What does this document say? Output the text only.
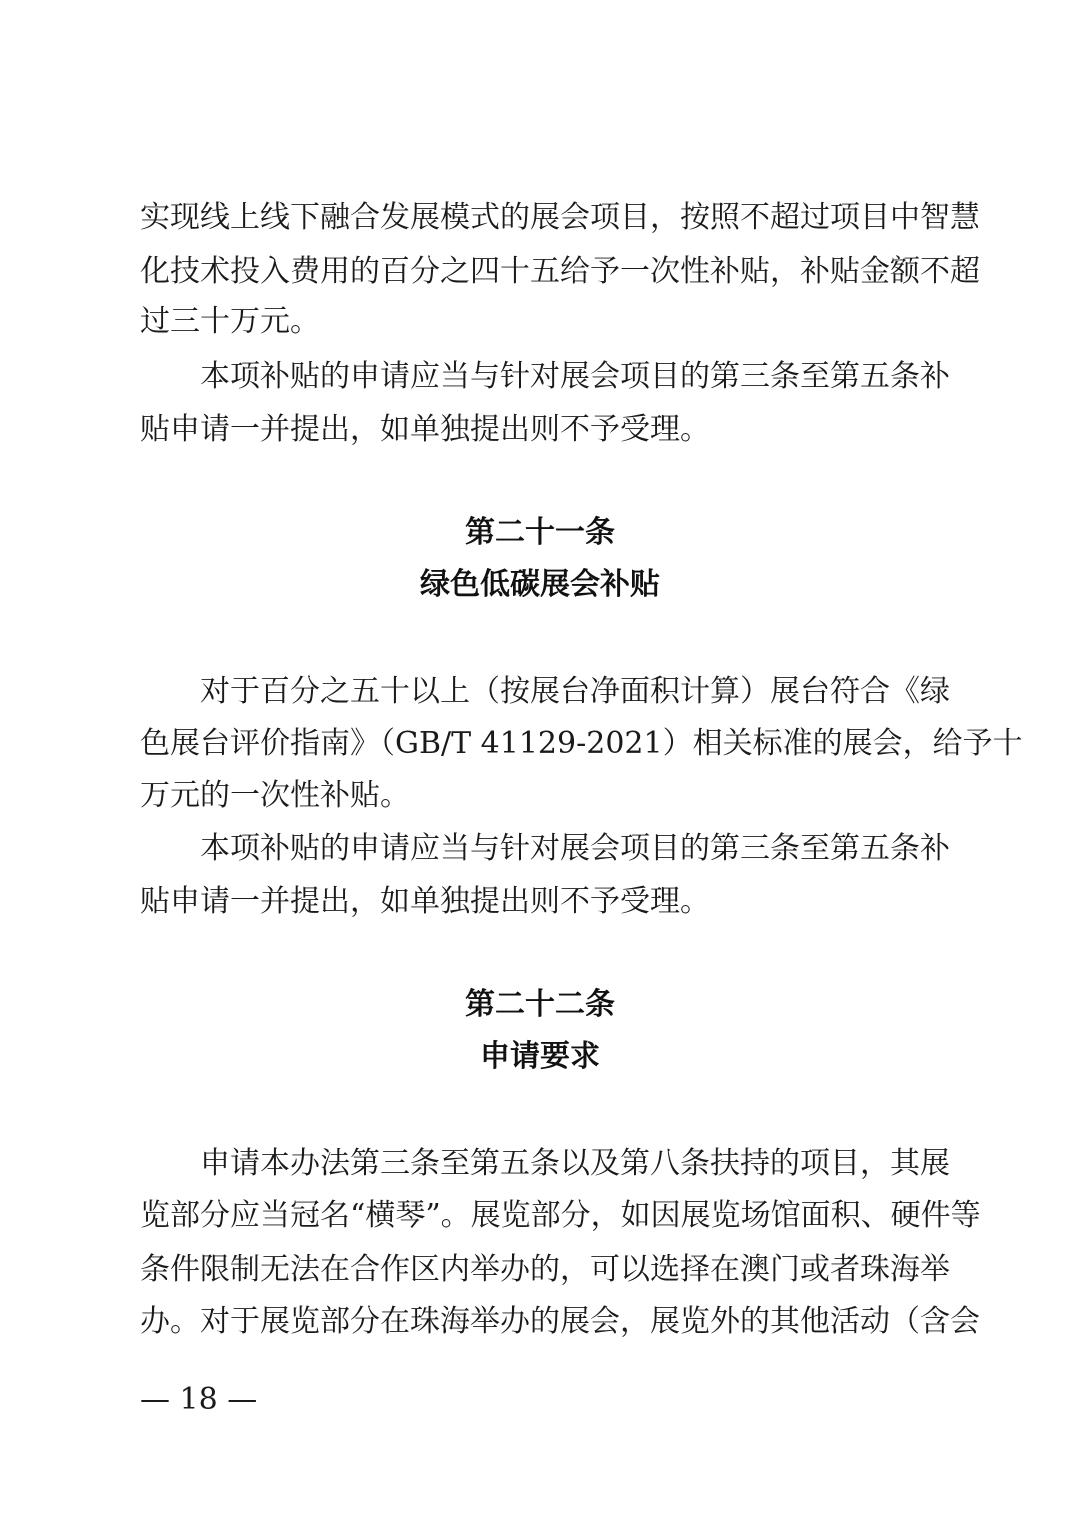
实现线上线下融合发展模式的展会项目，按照不超过项目中智慧
化技术投入费用的百分之四十五给予一次性补贴，补贴金额不超
过三十万元。
本项补贴的申请应当与针对展会项目的第三条至第五条补
贴申请一并提出，如单独提出则不予受理。
第二十一条
绿色低碳展会补贴
对于百分之五十以上（按展台净面积计算）展台符合《绿
色展台评价指南》（GB/T 41129-2021）相关标准的展会，给予十
万元的一次性补贴。
本项补贴的申请应当与针对展会项目的第三条至第五条补
贴申请一并提出，如单独提出则不予受理。
第二十二条
申请要求
申请本办法第三条至第五条以及第八条扶持的项目，其展
览部分应当冠名“横琴”。展览部分，如因展览场馆面积、硬件等
条件限制无法在合作区内举办的，可以选择在澳门或者珠海举
办。对于展览部分在珠海举办的展会，展览外的其他活动（含会
— 18 —
